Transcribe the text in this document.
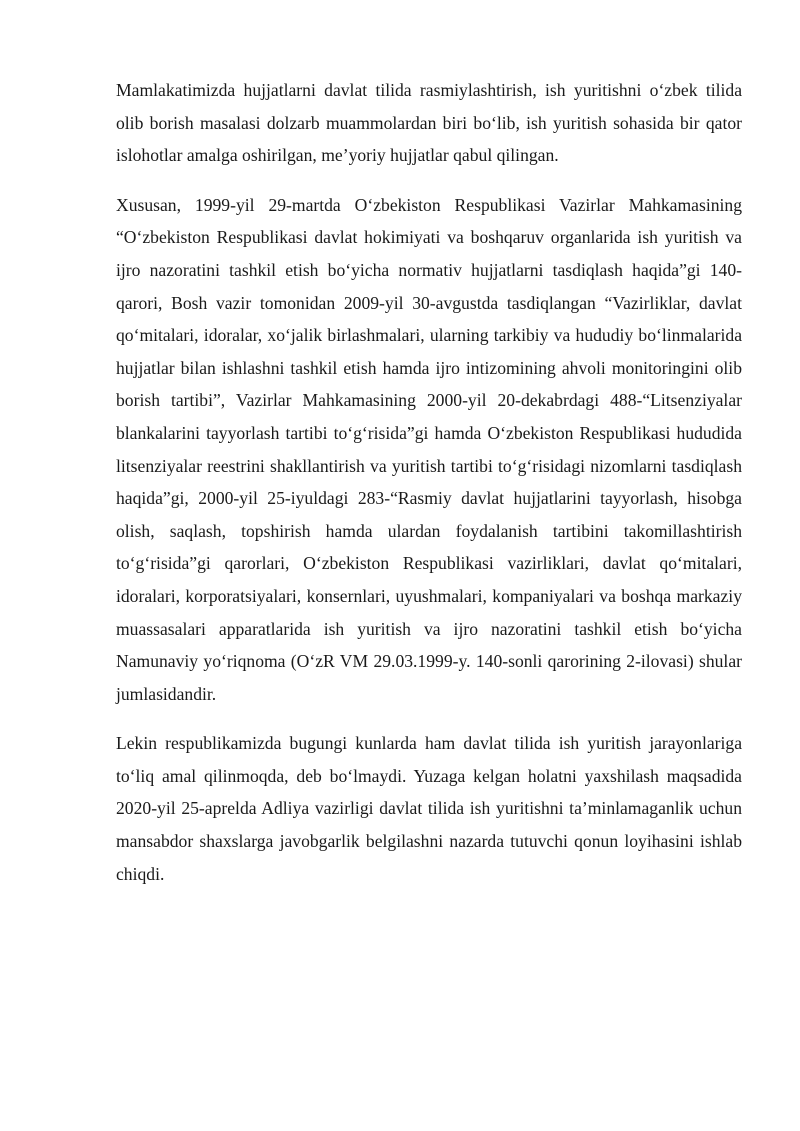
Mamlakatimizda hujjatlarni davlat tilida rasmiylashtirish, ish yuritishni o‘zbek tilida olib borish masalasi dolzarb muammolardan biri bo‘lib, ish yuritish sohasida bir qator islohotlar amalga oshirilgan, me’yoriy hujjatlar qabul qilingan.

Xususan, 1999-yil 29-martda O‘zbekiston Respublikasi Vazirlar Mahkamasining “O‘zbekiston Respublikasi davlat hokimiyati va boshqaruv organlarida ish yuritish va ijro nazoratini tashkil etish bo‘yicha normativ hujjatlarni tasdiqlash haqida”gi 140-qarori, Bosh vazir tomonidan 2009-yil 30-avgustda tasdiqlangan “Vazirliklar, davlat qo‘mitalari, idoralar, xo‘jalik birlashmalari, ularning tarkibiy va hududiy bo‘linmalarida hujjatlar bilan ishlashni tashkil etish hamda ijro intizomining ahvoli monitoringini olib borish tartibi”, Vazirlar Mahkamasining 2000-yil 20-dekabrdagi 488-“Litsenziyalar blankalarini tayyorlash tartibi to‘g‘risida”gi hamda O‘zbekiston Respublikasi hududida litsenziyalar reestrini shakllantirish va yuritish tartibi to‘g‘risidagi nizomlarni tasdiqlash haqida”gi, 2000-yil 25-iyuldagi 283-“Rasmiy davlat hujjatlarini tayyorlash, hisobga olish, saqlash, topshirish hamda ulardan foydalanish tartibini takomillashtirish to‘g‘risida”gi qarorlari, O‘zbekiston Respublikasi vazirliklari, davlat qo‘mitalari, idoralari, korporatsiyalari, konsernlari, uyushmalari, kompaniyalari va boshqa markaziy muassasalari apparatlarida ish yuritish va ijro nazoratini tashkil etish bo‘yicha Namunaviy yo‘riqnoma (O‘zR VM 29.03.1999-y. 140-sonli qarorining 2-ilovasi) shular jumlasidandir.

Lekin respublikamizda bugungi kunlarda ham davlat tilida ish yuritish jarayonlariga to‘liq amal qilinmoqda, deb bo‘lmaydi. Yuzaga kelgan holatni yaxshilash maqsadida 2020-yil 25-aprelda Adliya vazirligi davlat tilida ish yuritishni ta’minlamaganlik uchun mansabdor shaxslarga javobgarlik belgilashni nazarda tutuvchi qonun loyihasini ishlab chiqdi.
